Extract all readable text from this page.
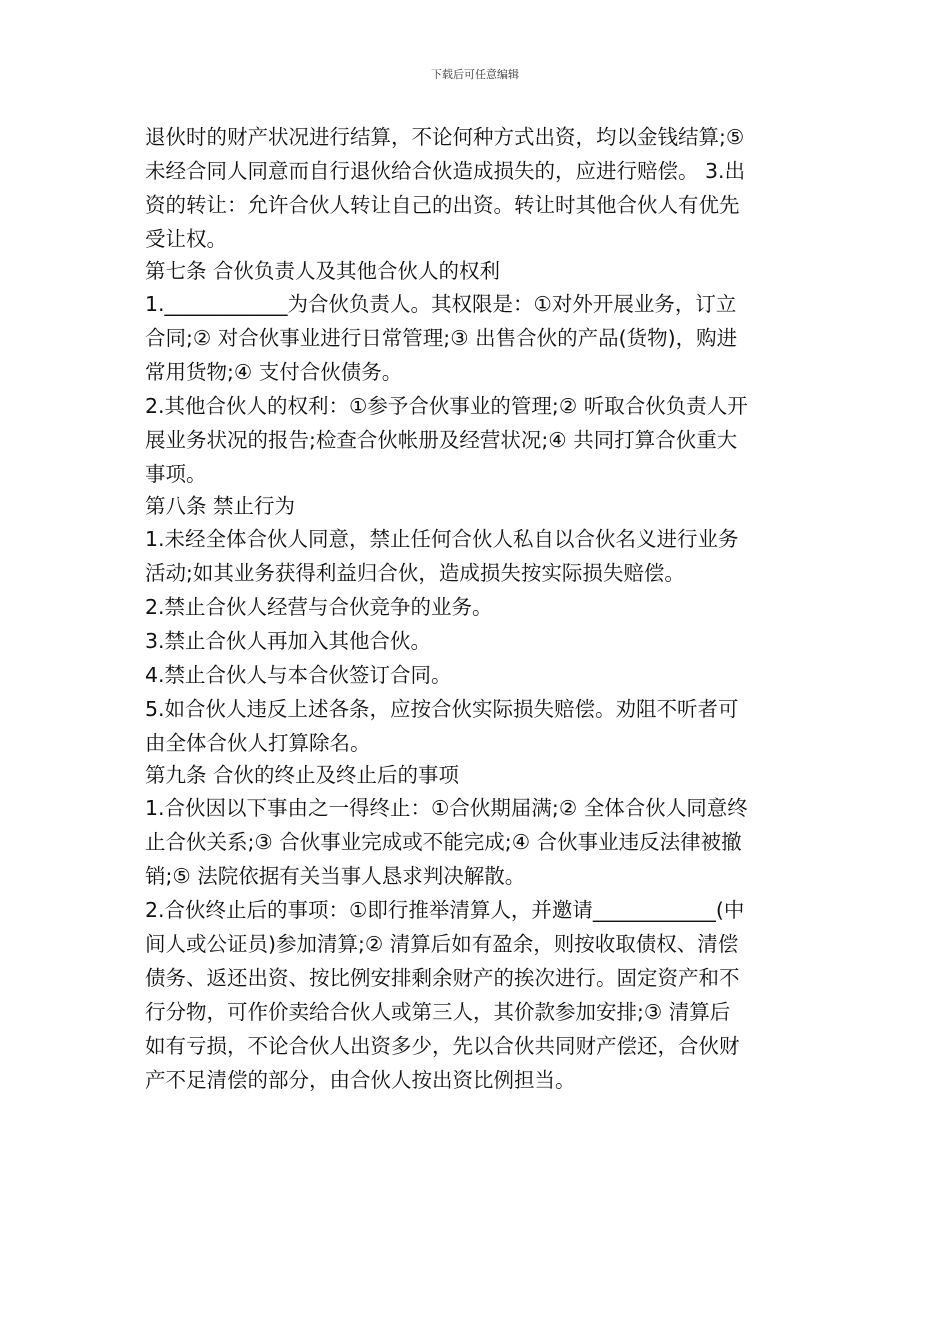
下载后可任意编辑
退伙时的财产状况进行结算，不论何种方式出资，均以金钱结算;⑤
未经合同人同意而自行退伙给合伙造成损失的，应进行赔偿。 3.出
资的转让：允许合伙人转让自己的出资。转让时其他合伙人有优先
受让权。
第七条 合伙负责人及其他合伙人的权利
1.____________为合伙负责人。其权限是：①对外开展业务，订立
合同;② 对合伙事业进行日常管理;③ 出售合伙的产品(货物)，购进
常用货物;④ 支付合伙债务。
2.其他合伙人的权利：①参予合伙事业的管理;② 听取合伙负责人开
展业务状况的报告;检查合伙帐册及经营状况;④ 共同打算合伙重大
事项。
第八条 禁止行为
1.未经全体合伙人同意，禁止任何合伙人私自以合伙名义进行业务
活动;如其业务获得利益归合伙，造成损失按实际损失赔偿。
2.禁止合伙人经营与合伙竞争的业务。
3.禁止合伙人再加入其他合伙。
4.禁止合伙人与本合伙签订合同。
5.如合伙人违反上述各条，应按合伙实际损失赔偿。劝阻不听者可
由全体合伙人打算除名。
第九条 合伙的终止及终止后的事项
1.合伙因以下事由之一得终止：①合伙期届满;② 全体合伙人同意终
止合伙关系;③ 合伙事业完成或不能完成;④ 合伙事业违反法律被撤
销;⑤ 法院依据有关当事人恳求判决解散。
2.合伙终止后的事项：①即行推举清算人，并邀请____________(中
间人或公证员)参加清算;② 清算后如有盈余，则按收取债权、清偿
债务、返还出资、按比例安排剩余财产的挨次进行。固定资产和不
行分物，可作价卖给合伙人或第三人，其价款参加安排;③ 清算后
如有亏损，不论合伙人出资多少，先以合伙共同财产偿还，合伙财
产不足清偿的部分，由合伙人按出资比例担当。
